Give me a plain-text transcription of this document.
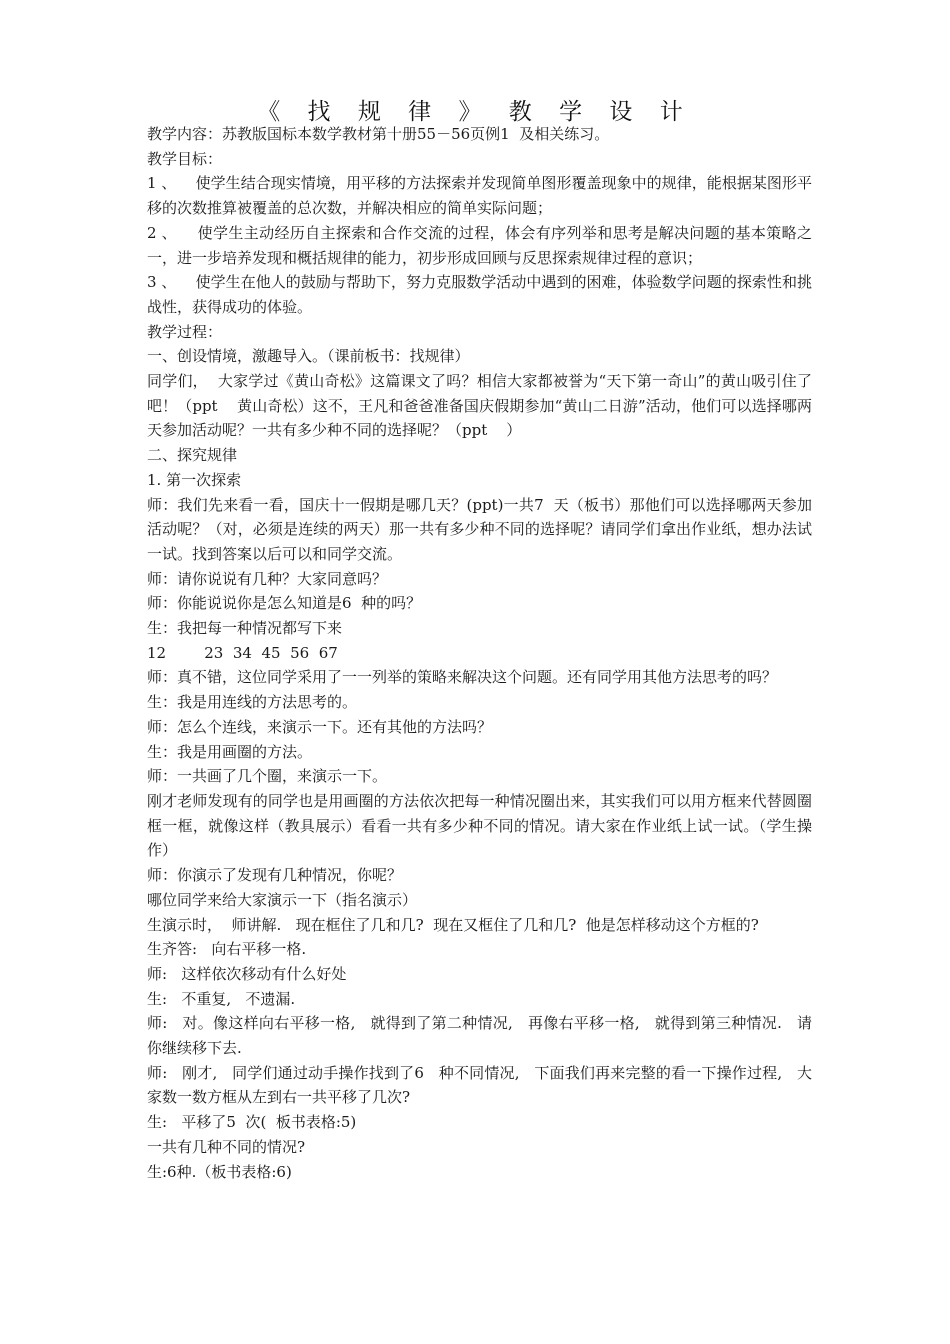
《 找 规 律 》 教 学 设 计

教学内容：苏教版国标本数学教材第十册55－56页例1  及相关练习。

教学目标：

1 、    使学生结合现实情境，用平移的方法探索并发现简单图形覆盖现象中的规律，能根据某图形平移的次数推算被覆盖的总次数，并解决相应的简单实际问题；

2 、    使学生主动经历自主探索和合作交流的过程，体会有序列举和思考是解决问题的基本策略之一，进一步培养发现和概括规律的能力，初步形成回顾与反思探索规律过程的意识；

3 、    使学生在他人的鼓励与帮助下，努力克服数学活动中遇到的困难，体验数学问题的探索性和挑战性，获得成功的体验。

教学过程：

一、创设情境，激趣导入。（课前板书：找规律）

同学们，  大家学过《黄山奇松》这篇课文了吗？相信大家都被誉为“天下第一奇山”的黄山吸引住了吧！（ppt    黄山奇松）这不，王凡和爸爸准备国庆假期参加“黄山二日游”活动，他们可以选择哪两天参加活动呢？一共有多少种不同的选择呢？（ppt    ）

二、探究规律

1. 第一次探索

师：我们先来看一看，国庆十一假期是哪几天？(ppt)一共7  天（板书）那他们可以选择哪两天参加活动呢？（对，必须是连续的两天）那一共有多少种不同的选择呢？请同学们拿出作业纸，想办法试一试。找到答案以后可以和同学交流。

师：请你说说有几种？大家同意吗？

师：你能说说你是怎么知道是6  种的吗？

生：我把每一种情况都写下来

12        23  34  45  56  67

师：真不错，这位同学采用了一一列举的策略来解决这个问题。还有同学用其他方法思考的吗？

生：我是用连线的方法思考的。

师：怎么个连线，来演示一下。还有其他的方法吗？

生：我是用画圈的方法。

师：一共画了几个圈，来演示一下。

刚才老师发现有的同学也是用画圈的方法依次把每一种情况圈出来，其实我们可以用方框来代替圆圈框一框，就像这样（教具展示）看看一共有多少种不同的情况。请大家在作业纸上试一试。（学生操作）

师：你演示了发现有几种情况，你呢？

哪位同学来给大家演示一下（指名演示）

生演示时，  师讲解.   现在框住了几和几?  现在又框住了几和几?  他是怎样移动这个方框的?

生齐答:   向右平移一格.

师:   这样依次移动有什么好处

生:   不重复,   不遗漏.

师:   对。像这样向右平移一格,   就得到了第二种情况,   再像右平移一格,   就得到第三种情况.   请你继续移下去.

师:   刚才,   同学们通过动手操作找到了6   种不同情况,   下面我们再来完整的看一下操作过程,   大家数一数方框从左到右一共平移了几次?

生:   平移了5  次(  板书表格:5)

一共有几种不同的情况?

生:6种.（板书表格:6)
